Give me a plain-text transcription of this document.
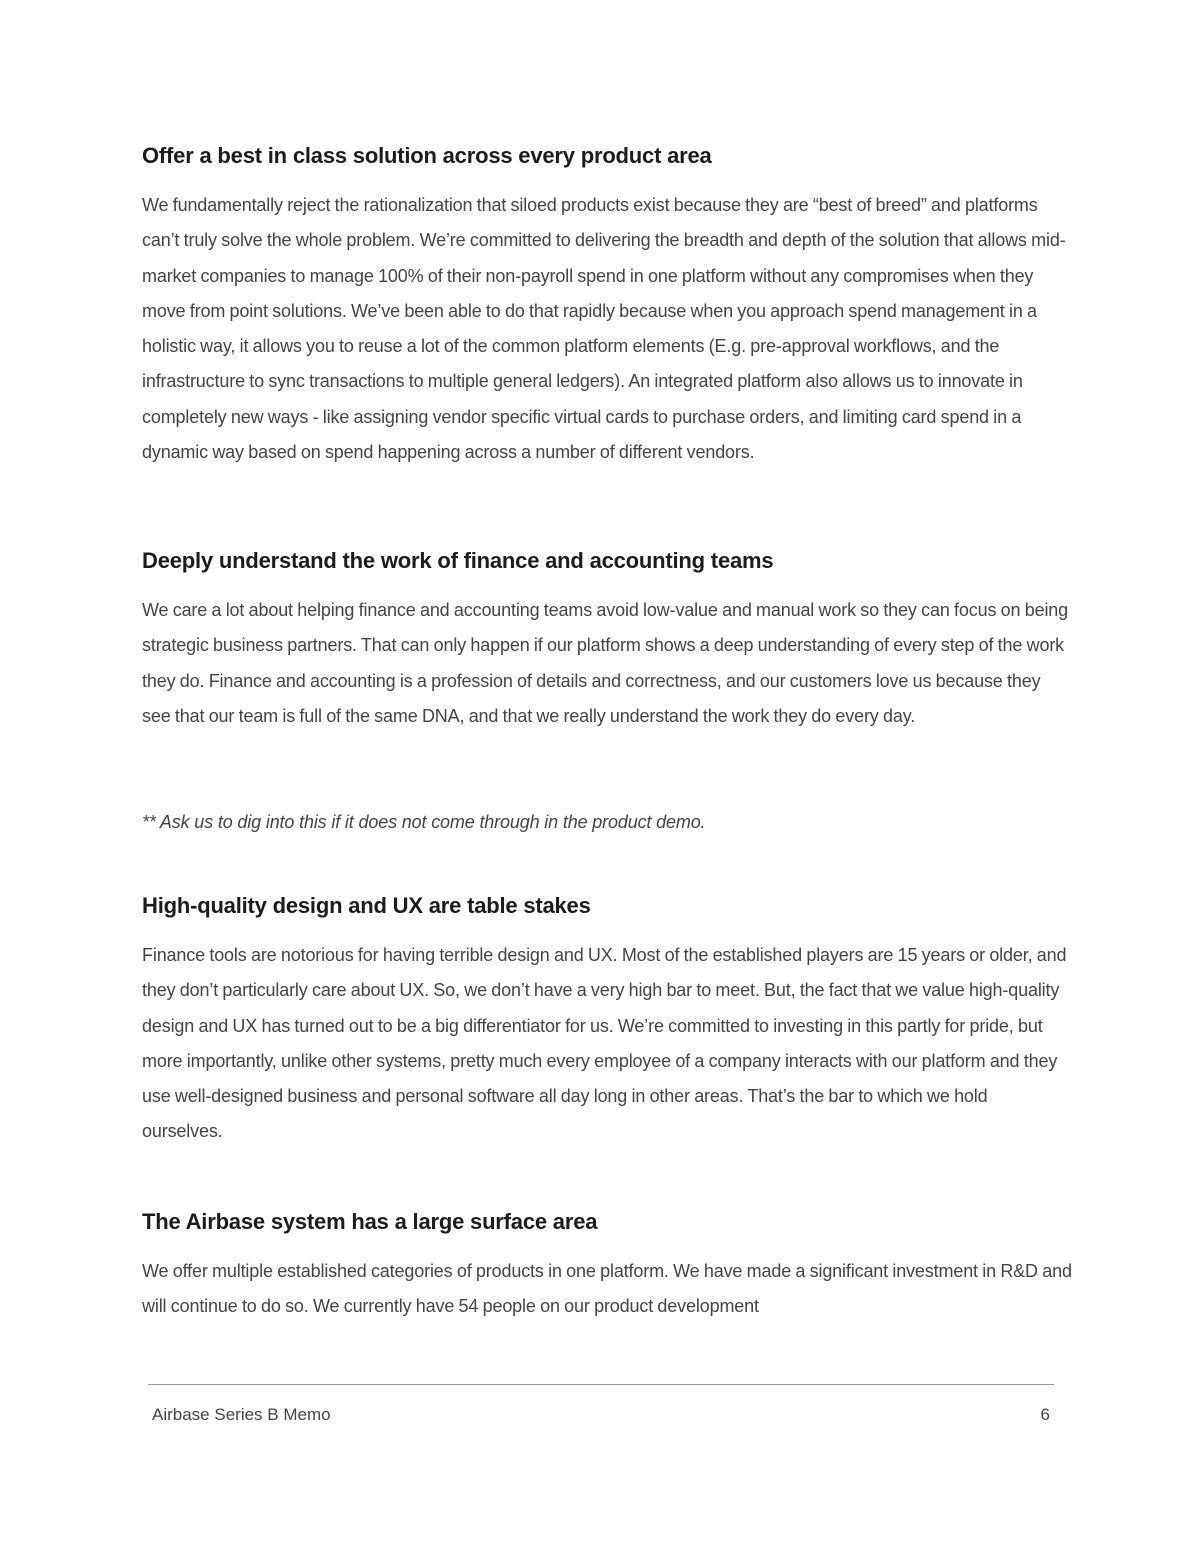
Offer a best in class solution across every product area

We fundamentally reject the rationalization that siloed products exist because they are “best of breed” and platforms can’t truly solve the whole problem. We’re committed to delivering the breadth and depth of the solution that allows mid-market companies to manage 100% of their non-payroll spend in one platform without any compromises when they move from point solutions. We’ve been able to do that rapidly because when you approach spend management in a holistic way, it allows you to reuse a lot of the common platform elements (E.g. pre-approval workflows, and the infrastructure to sync transactions to multiple general ledgers). An integrated platform also allows us to innovate in completely new ways - like assigning vendor specific virtual cards to purchase orders, and limiting card spend in a dynamic way based on spend happening across a number of different vendors.

Deeply understand the work of finance and accounting teams

We care a lot about helping finance and accounting teams avoid low-value and manual work so they can focus on being strategic business partners. That can only happen if our platform shows a deep understanding of every step of the work they do. Finance and accounting is a profession of details and correctness, and our customers love us because they see that our team is full of the same DNA, and that we really understand the work they do every day.

** Ask us to dig into this if it does not come through in the product demo.

High-quality design and UX are table stakes

Finance tools are notorious for having terrible design and UX. Most of the established players are 15 years or older, and they don’t particularly care about UX. So, we don’t have a very high bar to meet. But, the fact that we value high-quality design and UX has turned out to be a big differentiator for us. We’re committed to investing in this partly for pride, but more importantly, unlike other systems, pretty much every employee of a company interacts with our platform and they use well-designed business and personal software all day long in other areas. That’s the bar to which we hold ourselves.

The Airbase system has a large surface area

We offer multiple established categories of products in one platform. We have made a significant investment in R&D and will continue to do so. We currently have 54 people on our product development

Airbase Series B Memo	6
